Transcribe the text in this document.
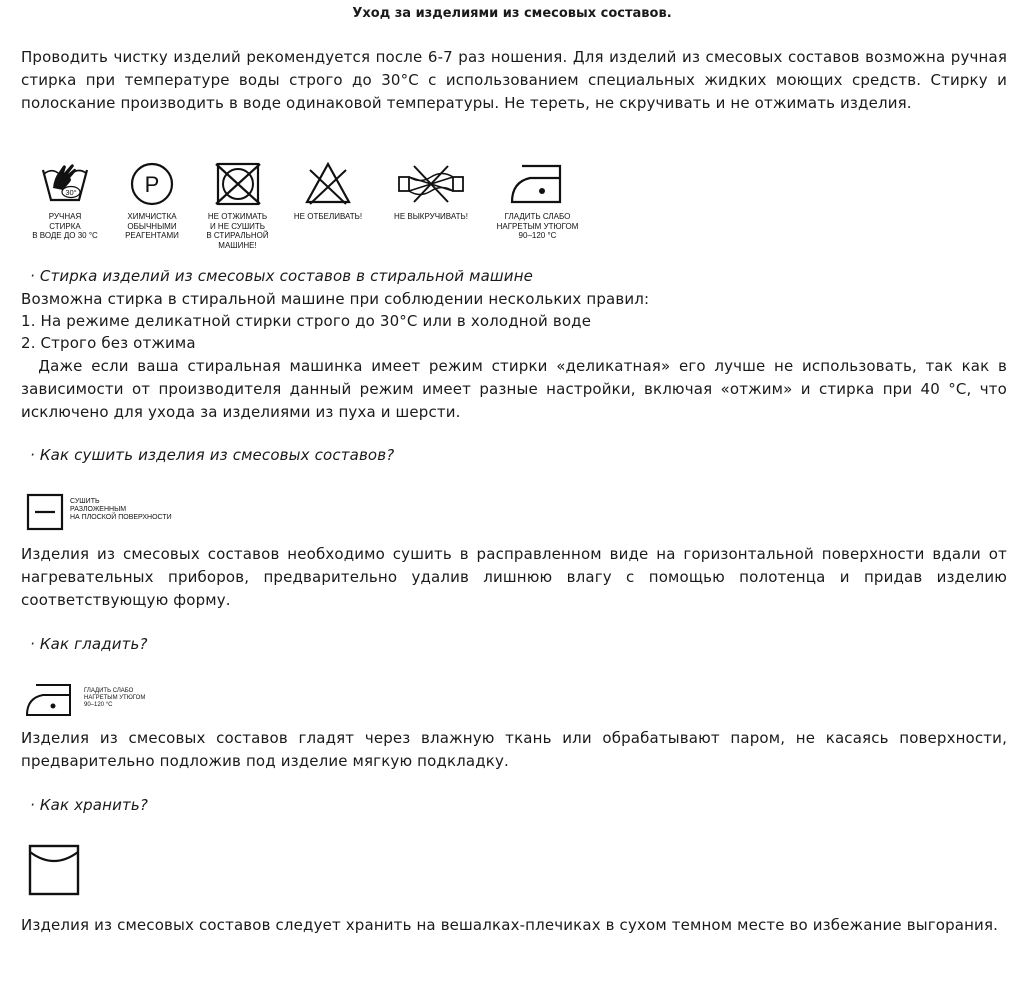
Уход за изделиями из смесовых составов.

Проводить чистку изделий рекомендуется после 6-7 раз ношения. Для изделий из смесовых составов возможна ручная стирка при температуре воды строго до 30°С с использованием специальных жидких моющих средств. Стирку и полоскание производить в воде одинаковой температуры. Не тереть, не скручивать и не отжимать изделия.

30°
РУЧНАЯ
СТИРКА
В ВОДЕ ДО 30 °С
P
ХИМЧИСТКА
ОБЫЧНЫМИ
РЕАГЕНТАМИ
НЕ ОТЖИМАТЬ
И НЕ СУШИТЬ
В СТИРАЛЬНОЙ
МАШИНЕ!
НЕ ОТБЕЛИВАТЬ!	НЕ ВЫКРУЧИВАТЬ!	ГЛАДИТЬ СЛАБО
НАГРЕТЫМ УТЮГОМ
90–120 °С
· Стирка изделий из смесовых составов в стиральной машине
Возможна стирка в стиральной машине при соблюдении нескольких правил:
1. На режиме деликатной стирки строго до 30°С или в холодной воде
2. Строго без отжима

Даже если ваша стиральная машинка имеет режим стирки «деликатная» его лучше не использовать, так как в зависимости от производителя данный режим имеет разные настройки, включая «отжим» и стирка при 40 °С, что исключено для ухода за изделиями из пуха и шерсти.

· Как сушить изделия из смесовых составов?
СУШИТЬ
РАЗЛОЖЕННЫМ
НА ПЛОСКОЙ ПОВЕРХНОСТИ

Изделия из смесовых составов необходимо сушить в расправленном виде на горизонтальной поверхности вдали от нагревательных приборов, предварительно удалив лишнюю влагу с помощью полотенца и придав изделию соответствующую форму.

· Как гладить?
ГЛАДИТЬ СЛАБО
НАГРЕТЫМ УТЮГОМ
90–120 °С

Изделия из смесовых составов гладят через влажную ткань или обрабатывают паром, не касаясь поверхности, предварительно подложив под изделие мягкую подкладку.

· Как хранить?

Изделия из смесовых составов следует хранить на вешалках-плечиках в сухом темном месте во избежание выгорания.
